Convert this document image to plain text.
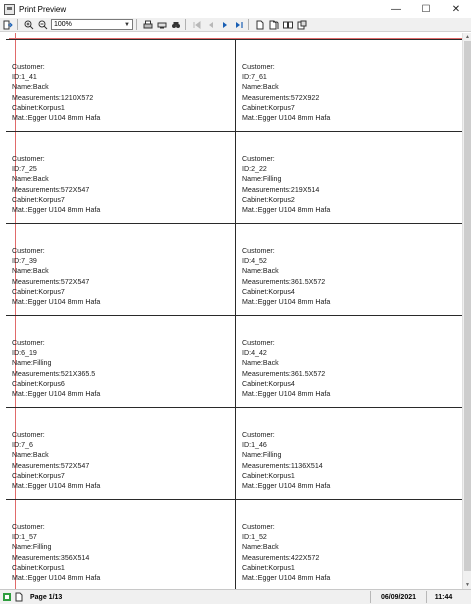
Print Preview	—	☐	✕
100%	▼
Customer:
ID:1_41
Name:Back
Measurements:1210X572
Cabinet:Korpus1
Mat.:Egger U104 8mm Hafa
Customer:
ID:7_61
Name:Back
Measurements:572X922
Cabinet:Korpus7
Mat.:Egger U104 8mm Hafa
Customer:
ID:7_25
Name:Back
Measurements:572X547
Cabinet:Korpus7
Mat.:Egger U104 8mm Hafa
Customer:
ID:2_22
Name:Filling
Measurements:219X514
Cabinet:Korpus2
Mat.:Egger U104 8mm Hafa
Customer:
ID:7_39
Name:Back
Measurements:572X547
Cabinet:Korpus7
Mat.:Egger U104 8mm Hafa
Customer:
ID:4_52
Name:Back
Measurements:361.5X572
Cabinet:Korpus4
Mat.:Egger U104 8mm Hafa
Customer:
ID:6_19
Name:Filling
Measurements:521X365.5
Cabinet:Korpus6
Mat.:Egger U104 8mm Hafa
Customer:
ID:4_42
Name:Back
Measurements:361.5X572
Cabinet:Korpus4
Mat.:Egger U104 8mm Hafa
Customer:
ID:7_6
Name:Back
Measurements:572X547
Cabinet:Korpus7
Mat.:Egger U104 8mm Hafa
Customer:
ID:1_46
Name:Filling
Measurements:1136X514
Cabinet:Korpus1
Mat.:Egger U104 8mm Hafa
Customer:
ID:1_57
Name:Filling
Measurements:356X514
Cabinet:Korpus1
Mat.:Egger U104 8mm Hafa
Customer:
ID:1_52
Name:Back
Measurements:422X572
Cabinet:Korpus1
Mat.:Egger U104 8mm Hafa
▲
▼
Page 1/13	06/09/2021	11:44
